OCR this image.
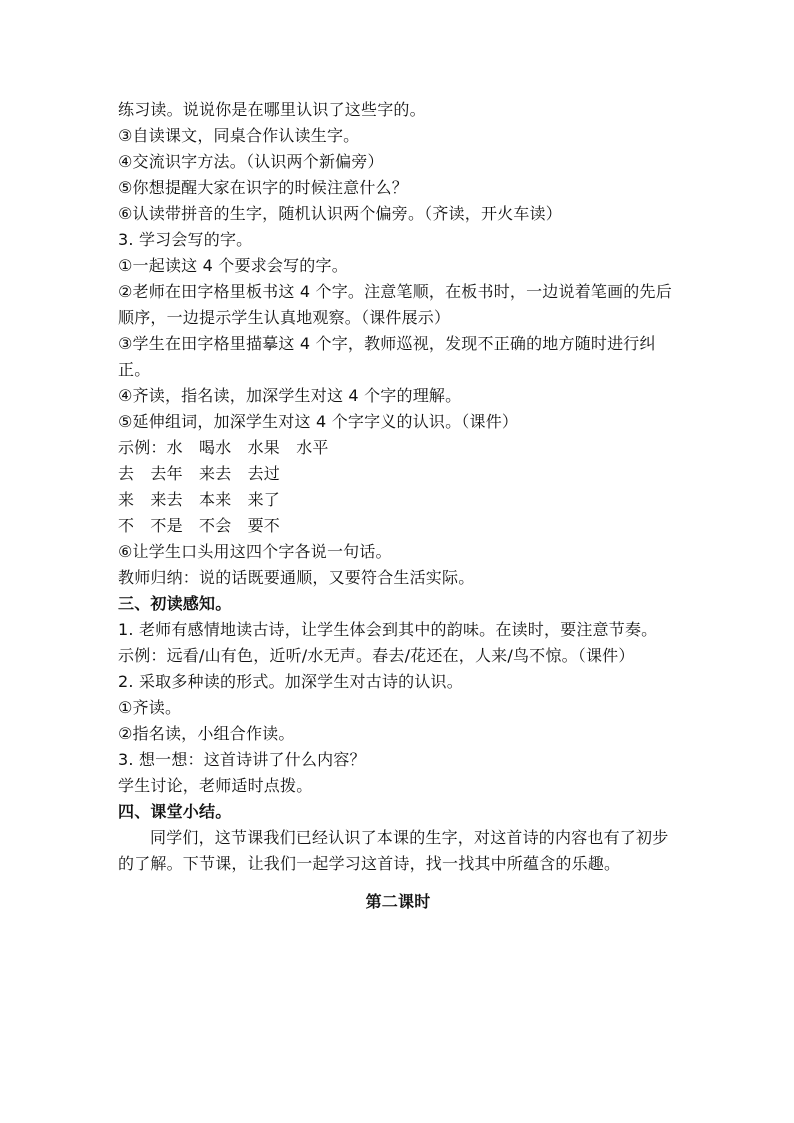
练习读。说说你是在哪里认识了这些字的。
③自读课文，同桌合作认读生字。
④交流识字方法。（认识两个新偏旁）
⑤你想提醒大家在识字的时候注意什么？
⑥认读带拼音的生字，随机认识两个偏旁。（齐读，开火车读）
3. 学习会写的字。
①一起读这 4 个要求会写的字。
②老师在田字格里板书这 4 个字。注意笔顺，在板书时，一边说着笔画的先后顺序，一边提示学生认真地观察。（课件展示）
③学生在田字格里描摹这 4 个字，教师巡视，发现不正确的地方随时进行纠正。
④齐读，指名读，加深学生对这 4 个字的理解。
⑤延伸组词，加深学生对这 4 个字字义的认识。（课件）
示例：水　喝水　水果　水平
去　去年　来去　去过
来　来去　本来　来了
不　不是　不会　要不
⑥让学生口头用这四个字各说一句话。
教师归纳：说的话既要通顺，又要符合生活实际。
三、初读感知。
1. 老师有感情地读古诗，让学生体会到其中的韵味。在读时，要注意节奏。
示例：远看/山有色，近听/水无声。春去/花还在，人来/鸟不惊。（课件）
2. 采取多种读的形式。加深学生对古诗的认识。
①齐读。
②指名读，小组合作读。
3. 想一想：这首诗讲了什么内容？
学生讨论，老师适时点拨。
四、课堂小结。
同学们，这节课我们已经认识了本课的生字，对这首诗的内容也有了初步的了解。下节课，让我们一起学习这首诗，找一找其中所蕴含的乐趣。
第二课时
